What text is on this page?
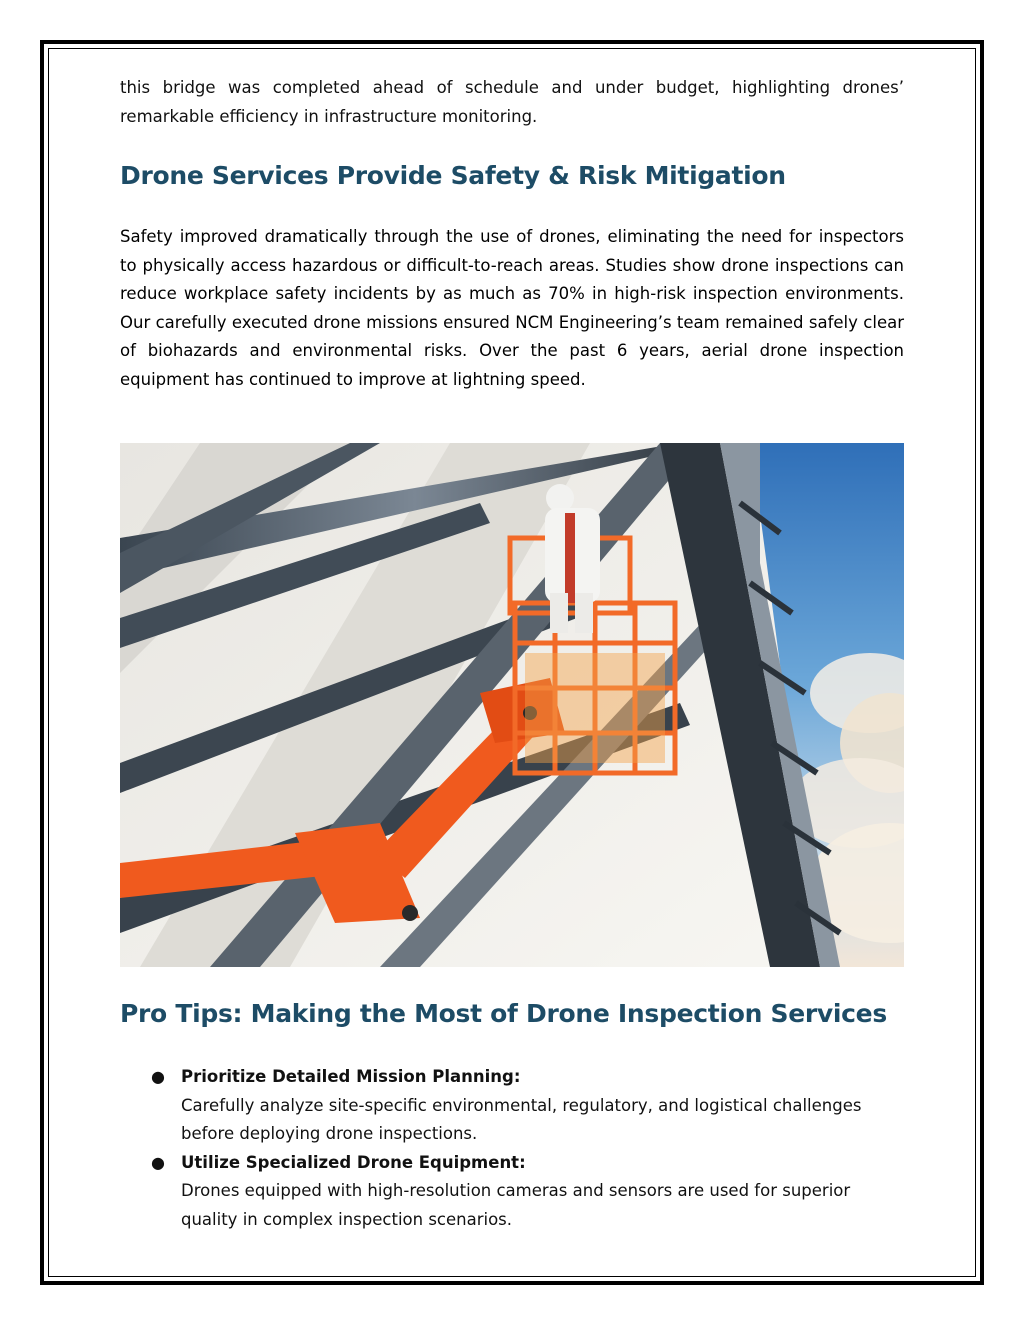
this bridge was completed ahead of schedule and under budget, highlighting drones’ remarkable efficiency in infrastructure monitoring.

Drone Services Provide Safety & Risk Mitigation

Safety improved dramatically through the use of drones, eliminating the need for inspectors to physically access hazardous or difficult-to-reach areas. Studies show drone inspections can reduce workplace safety incidents by as much as 70% in high-risk inspection environments. Our carefully executed drone missions ensured NCM Engineering’s team remained safely clear of biohazards and environmental risks. Over the past 6 years, aerial drone inspection equipment has continued to improve at lightning speed.

Pro Tips: Making the Most of Drone Inspection Services
● Prioritize Detailed Mission Planning:
Carefully analyze site-specific environmental, regulatory, and logistical challenges before deploying drone inspections.
● Utilize Specialized Drone Equipment:
Drones equipped with high-resolution cameras and sensors are used for superior quality in complex inspection scenarios.
